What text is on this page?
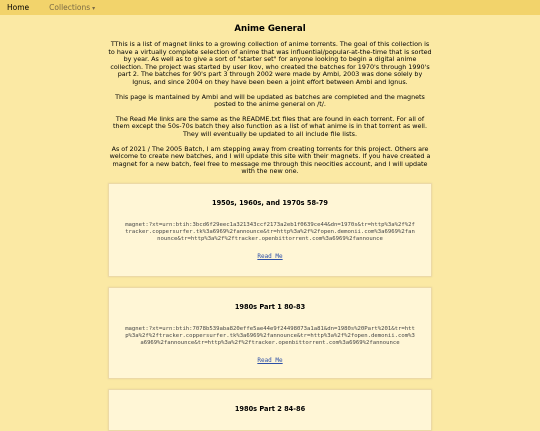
Home	Collections ▾
Anime General

TThis is a list of magnet links to a growing collection of anime torrents. The goal of this collection is to have a virtually complete selection of anime that was influential/popular-at-the-time that is sorted by year. As well as to give a sort of "starter set" for anyone looking to begin a digital anime collection. The project was started by user Ikov, who created the batches for 1970's through 1990's part 2. The batches for 90's part 3 through 2002 were made by Ambi, 2003 was done solely by Ignus, and since 2004 on they have been been a joint effort between Ambi and Ignus.

This page is mantained by Ambi and will be updated as batches are completed and the magnets posted to the anime general on /t/.

The Read Me links are the same as the README.txt files that are found in each torrent. For all of them except the 50s-70s batch they also function as a list of what anime is in that torrent as well. They will eventually be updated to all include file lists.

As of 2021 / The 2005 Batch, I am stepping away from creating torrents for this project. Others are welcome to create new batches, and I will update this site with their magnets. If you have created a magnet for a new batch, feel free to message me through this neocities account, and I will update with the new one.

1950s, 1960s, and 1970s 58-79
magnet:?xt=urn:btih:3bcd6f29eec1a321343ccf2173a2eb1f0639ce44&dn=1970s&tr=http%3a%2f%2ftracker.coppersurfer.tk%3a6969%2fannounce&tr=http%3a%2f%2fopen.demonii.com%3a6969%2fannounce&tr=http%3a%2f%2ftracker.openbittorrent.com%3a6969%2fannounce
Read Me
1980s Part 1 80-83
magnet:?xt=urn:btih:7078b539aba820effe5ae44e9f24498073a1a81&dn=1980s%20Part%201&tr=http%3a%2f%2ftracker.coppersurfer.tk%3a6969%2fannounce&tr=http%3a%2f%2fopen.demonii.com%3a6969%2fannounce&tr=http%3a%2f%2ftracker.openbittorrent.com%3a6969%2fannounce
Read Me
1980s Part 2 84-86
